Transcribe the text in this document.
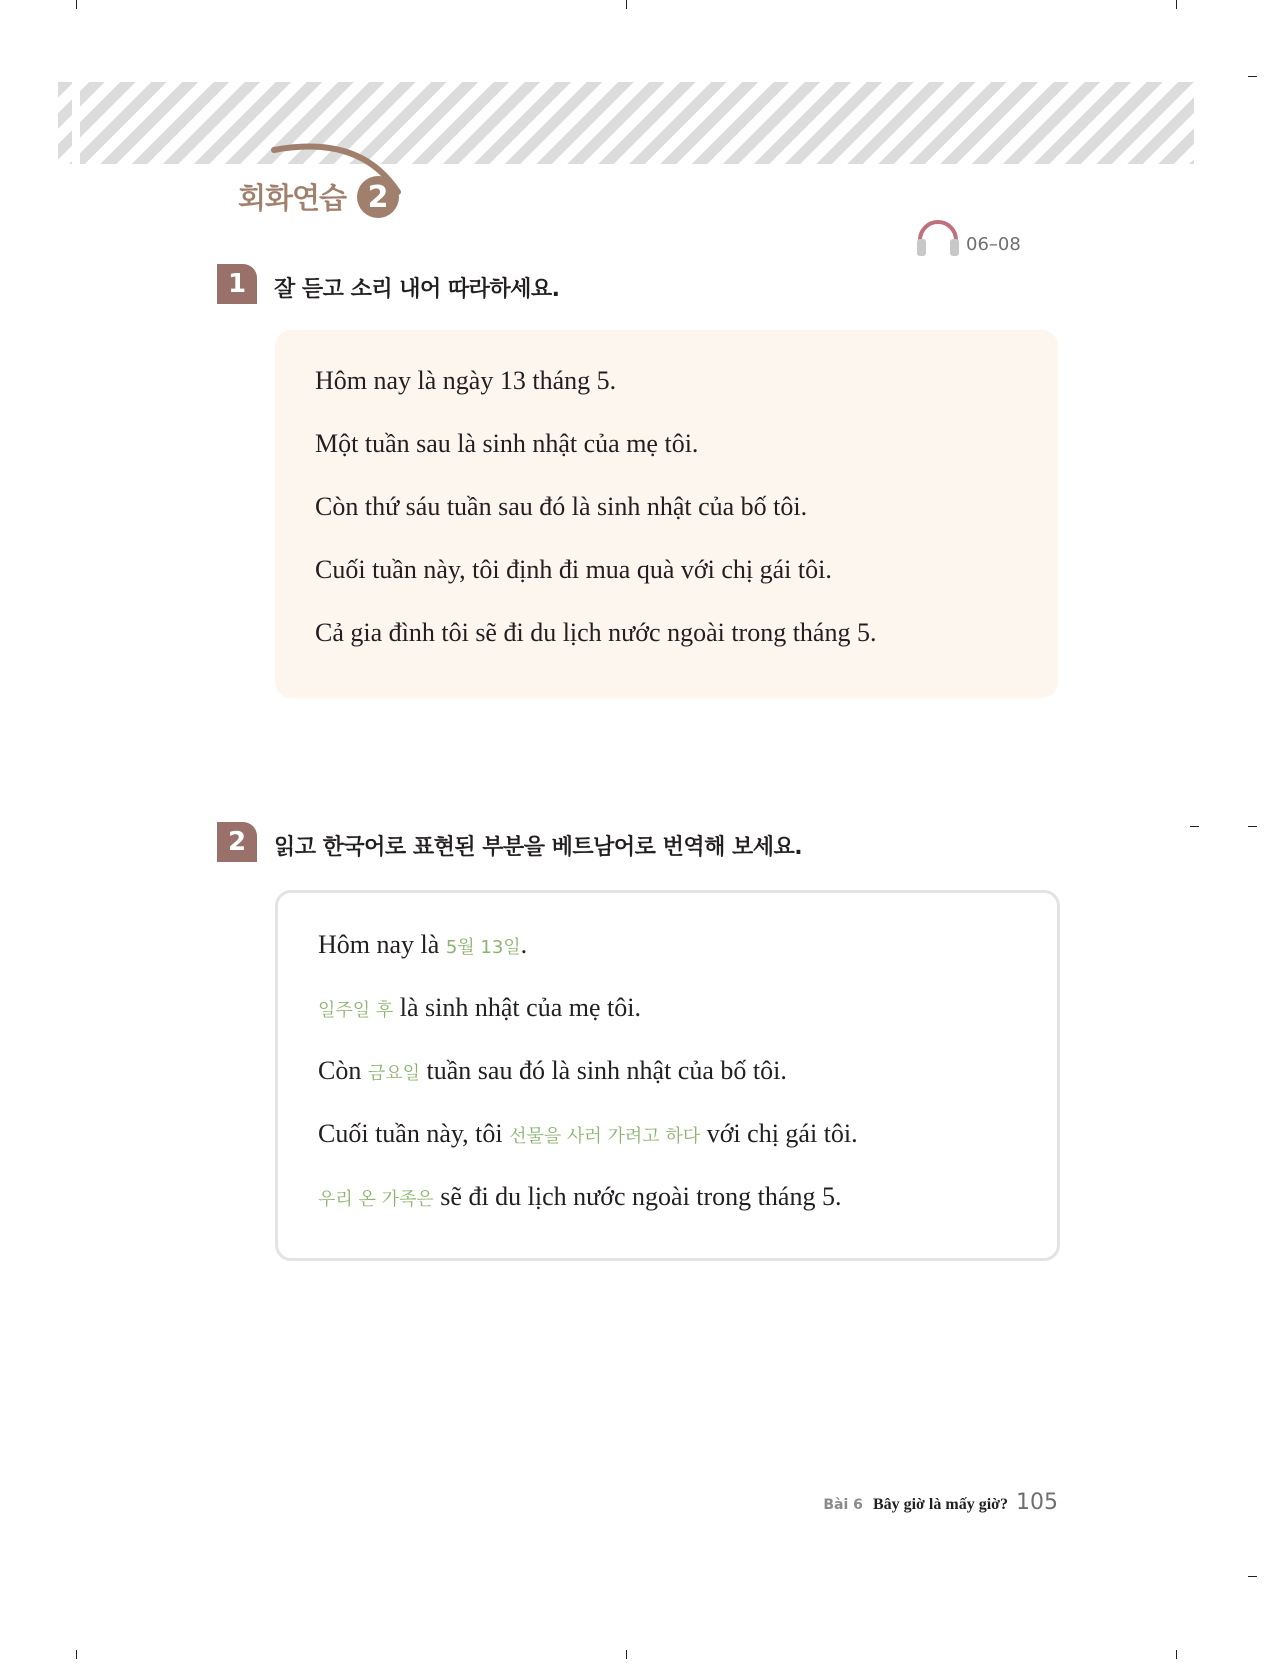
회화연습 2
06–08
1	잘 듣고 소리 내어 따라하세요.
Hôm nay là ngày 13 tháng 5.
Một tuần sau là sinh nhật của mẹ tôi.
Còn thứ sáu tuần sau đó là sinh nhật của bố tôi.
Cuối tuần này, tôi định đi mua quà với chị gái tôi.
Cả gia đình tôi sẽ đi du lịch nước ngoài trong tháng 5.
2	읽고 한국어로 표현된 부분을 베트남어로 번역해 보세요.
Hôm nay là 5월 13일.
일주일 후 là sinh nhật của mẹ tôi.
Còn 금요일 tuần sau đó là sinh nhật của bố tôi.
Cuối tuần này, tôi 선물을 사러 가려고 하다 với chị gái tôi.
우리 온 가족은 sẽ đi du lịch nước ngoài trong tháng 5.
Bài 6 Bây giờ là mấy giờ? 105
